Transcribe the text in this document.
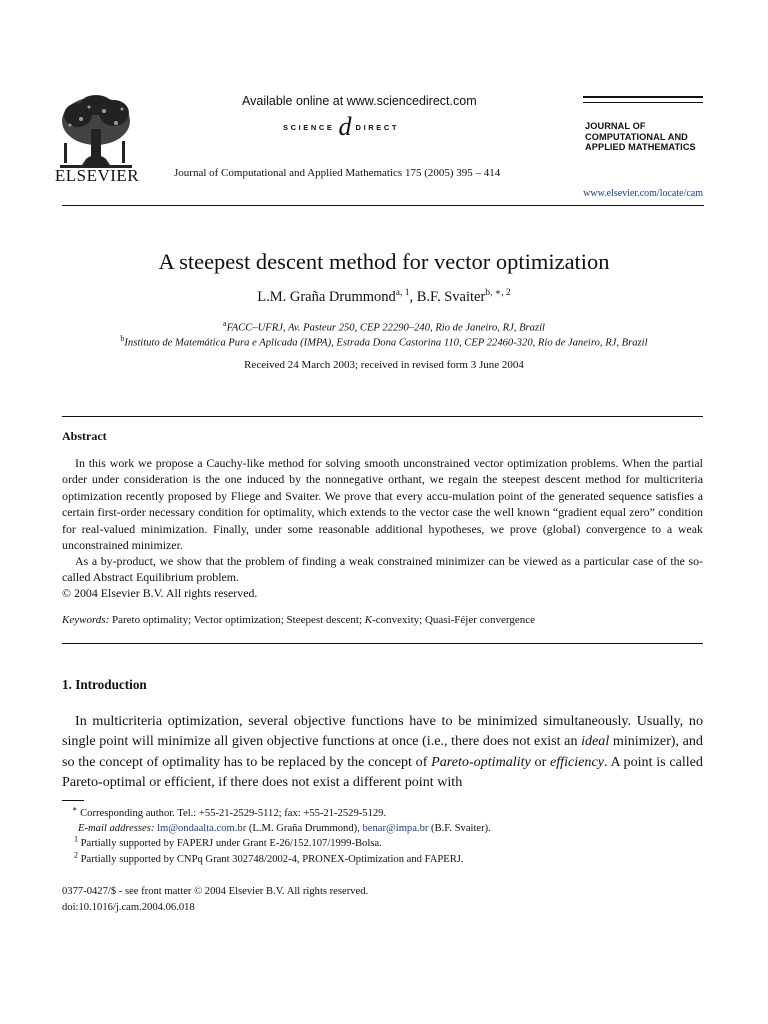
ELSEVIER
Available online at www.sciencedirect.com
SCIENCE d DIRECT
Journal of Computational and Applied Mathematics 175 (2005) 395 – 414
JOURNAL OF
COMPUTATIONAL AND
APPLIED MATHEMATICS
www.elsevier.com/locate/cam
A steepest descent method for vector optimization
L.M. Graña Drummond$^{a, 1}$, B.F. Svaiter$^{b, ∗, 2}$
$^a$FACC–UFRJ, Av. Pasteur 250, CEP 22290–240, Rio de Janeiro, RJ, Brazil
$^b$Instituto de Matemática Pura e Aplicada (IMPA), Estrada Dona Castorina 110, CEP 22460-320, Rio de Janeiro, RJ, Brazil
Received 24 March 2003; received in revised form 3 June 2004
Abstract

In this work we propose a Cauchy-like method for solving smooth unconstrained vector optimization problems. When the partial order under consideration is the one induced by the nonnegative orthant, we regain the steepest descent method for multicriteria optimization recently proposed by Fliege and Svaiter. We prove that every accu-mulation point of the generated sequence satisfies a certain first-order necessary condition for optimality, which extends to the vector case the well known “gradient equal zero” condition for real-valued minimization. Finally, under some reasonable additional hypotheses, we prove (global) convergence to a weak unconstrained minimizer.

As a by-product, we show that the problem of finding a weak constrained minimizer can be viewed as a particular case of the so-called Abstract Equilibrium problem.

© 2004 Elsevier B.V. All rights reserved.
Keywords: Pareto optimality; Vector optimization; Steepest descent; K-convexity; Quasi-Féjer convergence
1. Introduction

In multicriteria optimization, several objective functions have to be minimized simultaneously. Usually, no single point will minimize all given objective functions at once (i.e., there does not exist an ideal minimizer), and so the concept of optimality has to be replaced by the concept of Pareto-optimality or efficiency. A point is called Pareto-optimal or efficient, if there does not exist a different point with

∗ Corresponding author. Tel.: +55-21-2529-5112; fax: +55-21-2529-5129.
E-mail addresses: lm@ondaalta.com.br (L.M. Graña Drummond), benar@impa.br (B.F. Svaiter).
$^1$ Partially supported by FAPERJ under Grant E-26/152.107/1999-Bolsa.
$^2$ Partially supported by CNPq Grant 302748/2002-4, PRONEX-Optimization and FAPERJ.
0377-0427/$ - see front matter © 2004 Elsevier B.V. All rights reserved.
doi:10.1016/j.cam.2004.06.018
